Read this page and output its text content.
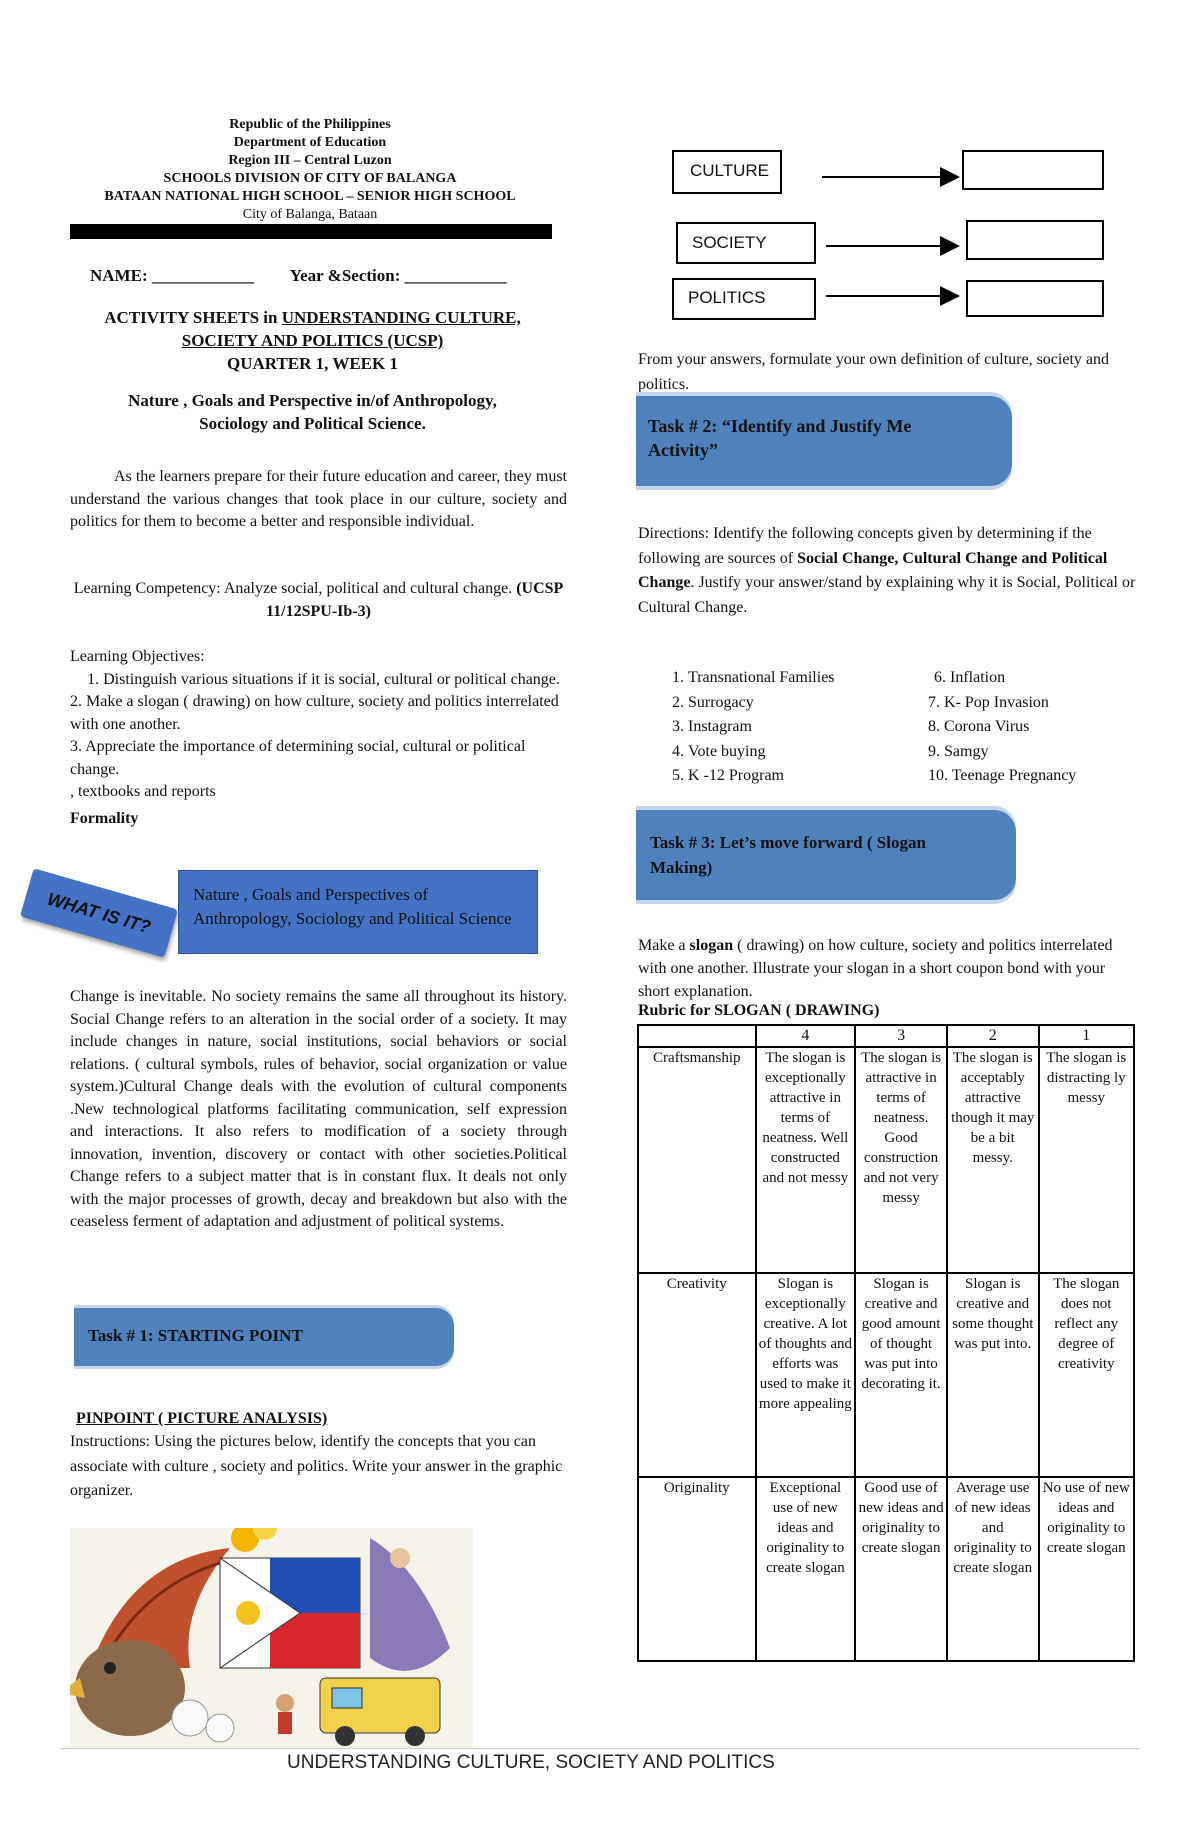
Republic of the Philippines
Department of Education
Region III – Central Luzon
SCHOOLS DIVISION OF CITY OF BALANGA
BATAAN NATIONAL HIGH SCHOOL – SENIOR HIGH SCHOOL
City of Balanga, Bataan
NAME: ____________ Year &Section: ____________
ACTIVITY SHEETS in UNDERSTANDING CULTURE,
SOCIETY AND POLITICS (UCSP)
QUARTER 1, WEEK 1
Nature , Goals and Perspective in/of Anthropology,
Sociology and Political Science.
As the learners prepare for their future education and career, they must understand the various changes that took place in our culture, society and politics for them to become a better and responsible individual.
Learning Competency: Analyze social, political and cultural change. (UCSP 11/12SPU-Ib-3)
Learning Objectives:
1. Distinguish various situations if it is social, cultural or political change.
2. Make a slogan ( drawing) on how culture, society and politics interrelated with one another.
3. Appreciate the importance of determining social, cultural or political change.
, textbooks and reports
Formality
WHAT IS IT?	Nature , Goals and Perspectives of Anthropology, Sociology and Political Science
Change is inevitable. No society remains the same all throughout its history. Social Change refers to an alteration in the social order of a society. It may include changes in nature, social institutions, social behaviors or social relations. ( cultural symbols, rules of behavior, social organization or value system.)Cultural Change deals with the evolution of cultural components .New technological platforms facilitating communication, self expression and interactions. It also refers to modification of a society through innovation, invention, discovery or contact with other societies.Political Change refers to a subject matter that is in constant flux. It deals not only with the major processes of growth, decay and breakdown but also with the ceaseless ferment of adaptation and adjustment of political systems.
Task # 1: STARTING POINT
PINPOINT ( PICTURE ANALYSIS)
Instructions: Using the pictures below, identify the concepts that you can associate with culture , society and politics. Write your answer in the graphic organizer.
UNDERSTANDING CULTURE, SOCIETY AND POLITICS
CULTURE
SOCIETY
POLITICS
From your answers, formulate your own definition of culture, society and politics.
Task # 2: “Identify and Justify Me Activity”
Directions: Identify the following concepts given by determining if the following are sources of Social Change, Cultural Change and Political Change. Justify your answer/stand by explaining why it is Social, Political or Cultural Change.
1. Transnational Families
2. Surrogacy
3. Instagram
4. Vote buying
5. K -12 Program
6. Inflation
7. K- Pop Invasion
8. Corona Virus
9. Samgy
10. Teenage Pregnancy
Task # 3: Let’s move forward ( Slogan Making)
Make a slogan ( drawing) on how culture, society and politics interrelated with one another. Illustrate your slogan in a short coupon bond with your short explanation.
Rubric for SLOGAN ( DRAWING)
	4	3	2	1
Craftsmanship	The slogan is exceptionally attractive in terms of neatness. Well constructed and not messy	The slogan is attractive in terms of neatness. Good construction and not very messy	The slogan is acceptably attractive though it may be a bit messy.	The slogan is distracting ly messy
Creativity	Slogan is exceptionally creative. A lot of thoughts and efforts was used to make it more appealing	Slogan is creative and good amount of thought was put into decorating it.	Slogan is creative and some thought was put into.	The slogan does not reflect any degree of creativity
Originality	Exceptional use of new ideas and originality to create slogan	Good use of new ideas and originality to create slogan	Average use of new ideas and originality to create slogan	No use of new ideas and originality to create slogan
